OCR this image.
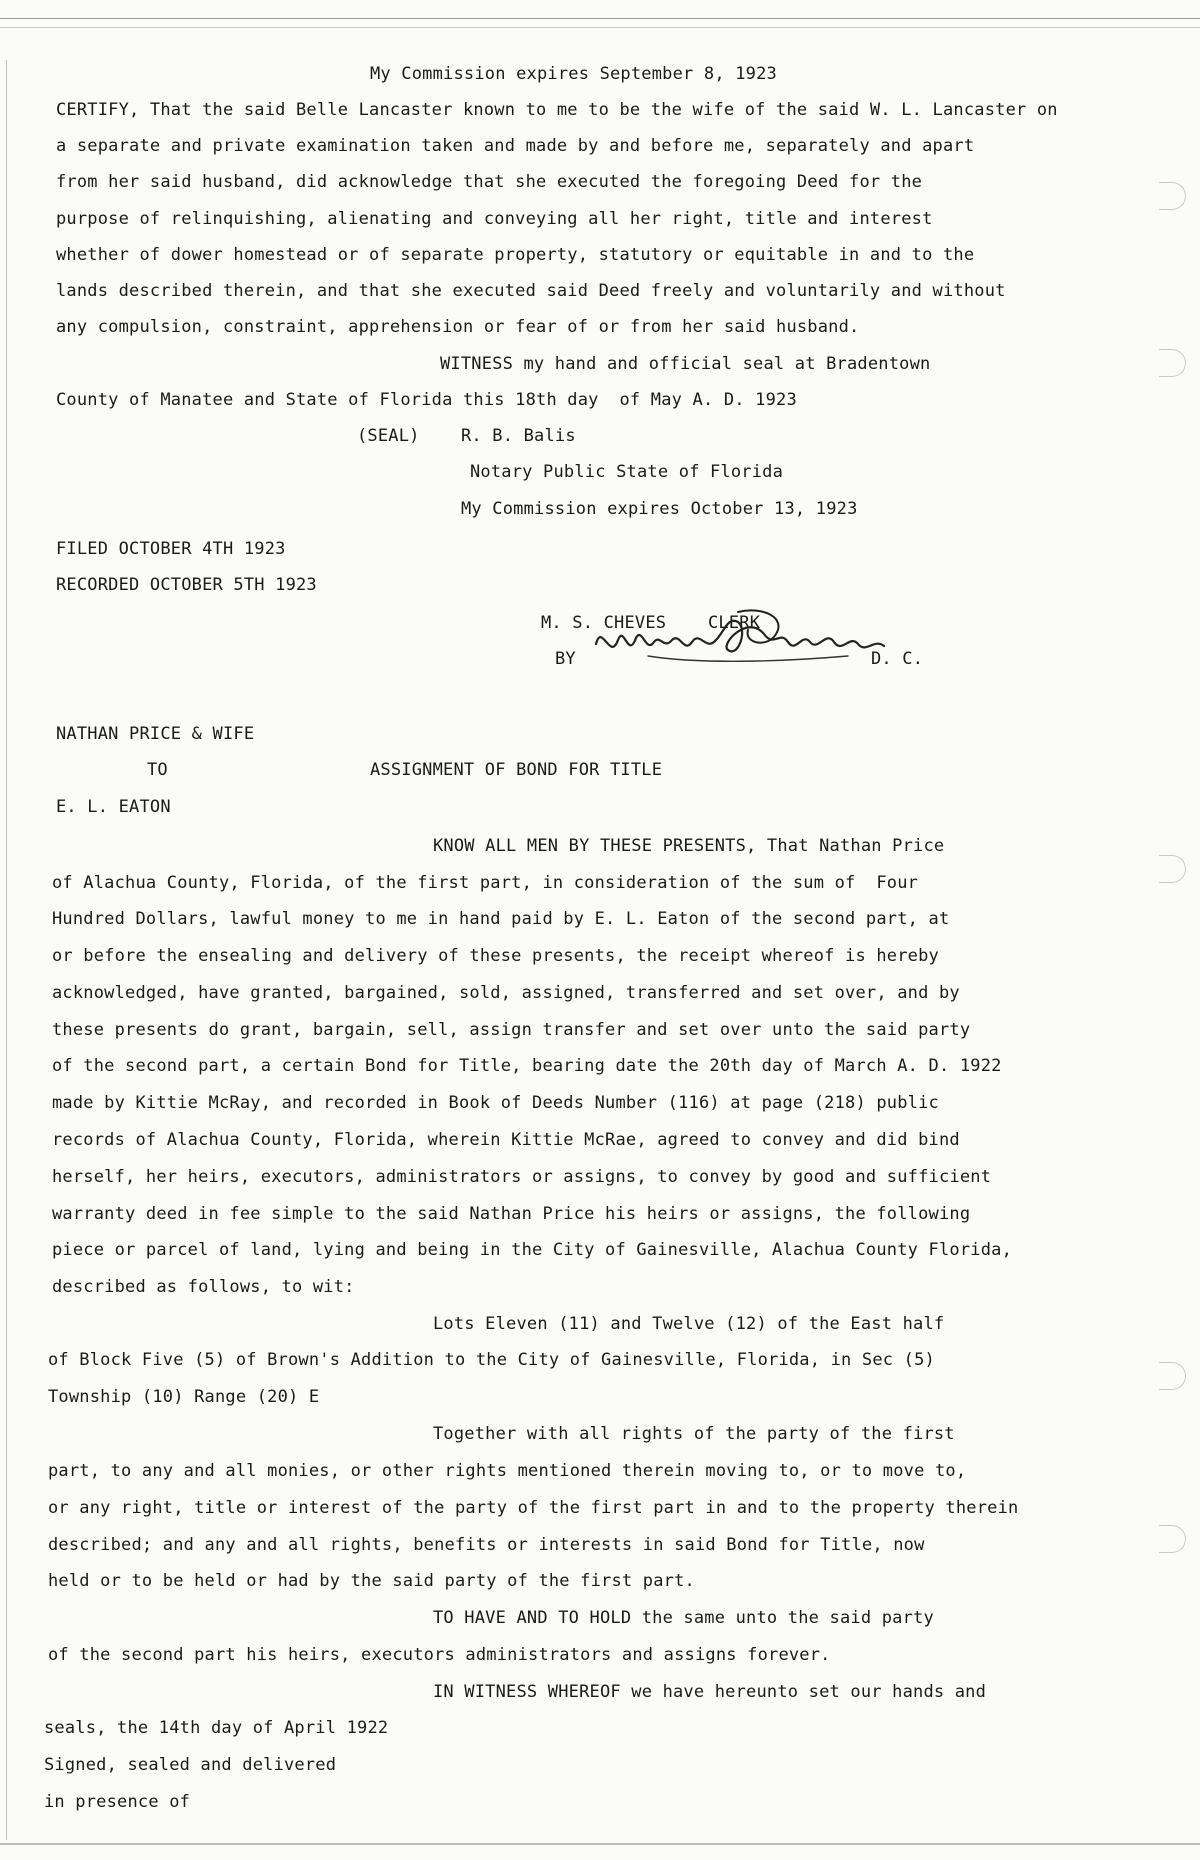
My Commission expires September 8, 1923
CERTIFY, That the said Belle Lancaster known to me to be the wife of the said W. L. Lancaster on
a separate and private examination taken and made by and before me, separately and apart
from her said husband, did acknowledge that she executed the foregoing Deed for the
purpose of relinquishing, alienating and conveying all her right, title and interest
whether of dower homestead or of separate property, statutory or equitable in and to the
lands described therein, and that she executed said Deed freely and voluntarily and without
any compulsion, constraint, apprehension or fear of or from her said husband.
WITNESS my hand and official seal at Bradentown
County of Manatee and State of Florida this 18th day  of May A. D. 1923
(SEAL) R. B. Balis
Notary Public State of Florida
My Commission expires October 13, 1923
FILED OCTOBER 4TH 1923
RECORDED OCTOBER 5TH 1923
M. S. CHEVES    CLERK
BY	D. C.
NATHAN PRICE & WIFE
TO	ASSIGNMENT OF BOND FOR TITLE
E. L. EATON
KNOW ALL MEN BY THESE PRESENTS, That Nathan Price
of Alachua County, Florida, of the first part, in consideration of the sum of  Four
Hundred Dollars, lawful money to me in hand paid by E. L. Eaton of the second part, at
or before the ensealing and delivery of these presents, the receipt whereof is hereby
acknowledged, have granted, bargained, sold, assigned, transferred and set over, and by
these presents do grant, bargain, sell, assign transfer and set over unto the said party
of the second part, a certain Bond for Title, bearing date the 20th day of March A. D. 1922
made by Kittie McRay, and recorded in Book of Deeds Number (116) at page (218) public
records of Alachua County, Florida, wherein Kittie McRae, agreed to convey and did bind
herself, her heirs, executors, administrators or assigns, to convey by good and sufficient
warranty deed in fee simple to the said Nathan Price his heirs or assigns, the following
piece or parcel of land, lying and being in the City of Gainesville, Alachua County Florida,
described as follows, to wit:
Lots Eleven (11) and Twelve (12) of the East half
of Block Five (5) of Brown's Addition to the City of Gainesville, Florida, in Sec (5)
Township (10) Range (20) E
Together with all rights of the party of the first
part, to any and all monies, or other rights mentioned therein moving to, or to move to,
or any right, title or interest of the party of the first part in and to the property therein
described; and any and all rights, benefits or interests in said Bond for Title, now
held or to be held or had by the said party of the first part.
TO HAVE AND TO HOLD the same unto the said party
of the second part his heirs, executors administrators and assigns forever.
IN WITNESS WHEREOF we have hereunto set our hands and
seals, the 14th day of April 1922
Signed, sealed and delivered
in presence of
